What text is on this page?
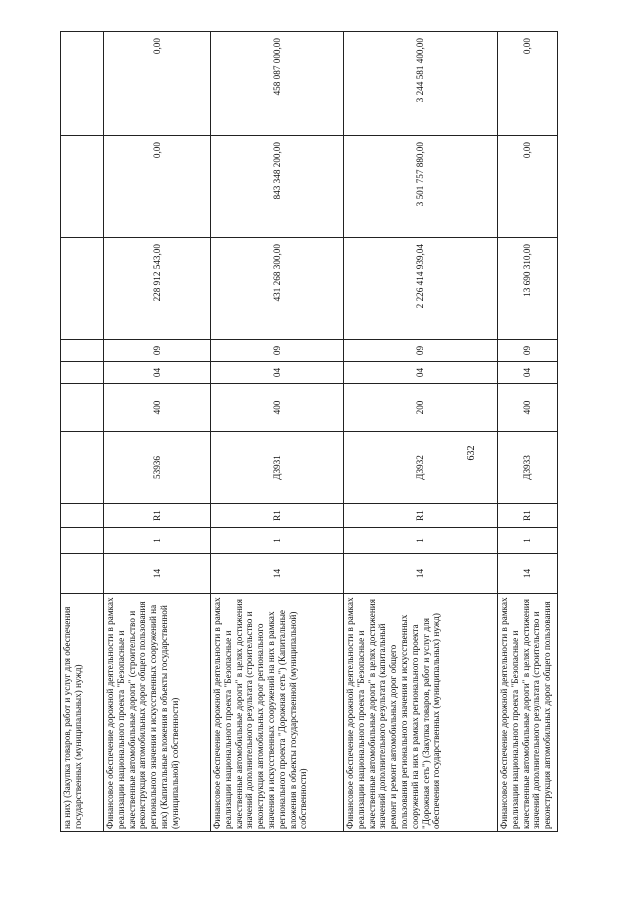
632
на них) (Закупка товаров, работ и услуг для обеспечения государственных (муниципальных) нужд)										
Финансовое обеспечение дорожной деятельности в рамках реализации национального проекта "Безопасные и качественные автомобильные дороги" (строительство и реконструкция автомобильных дорог общего пользования регионального значения и искусственных сооружений на них) (Капитальные вложения в объекты государственной (муниципальной) собственности)	14	1	R1	53936	400	04	09	228 912 543,00	0,00	0,00
Финансовое обеспечение дорожной деятельности в рамках реализации национального проекта "Безопасные и качественные автомобильные дороги" в целях достижения значений дополнительного результата (строительство и реконструкция автомобильных дорог регионального значения и искусственных сооружений на них в рамках регионального проекта "Дорожная сеть") (Капитальные вложения в объекты государственной (муниципальной) собственности)	14	1	R1	Д3931	400	04	09	431 268 300,00	843 348 200,00	458 087 000,00
Финансовое обеспечение дорожной деятельности в рамках реализации национального проекта "Безопасные и качественные автомобильные дороги" в целях достижения значений дополнительного результата (капитальный ремонт и ремонт автомобильных дорог общего пользования регионального значения и искусственных сооружений на них в рамках регионального проекта "Дорожная сеть") (Закупка товаров, работ и услуг для обеспечения государственных (муниципальных) нужд)	14	1	R1	Д3932	200	04	09	2 226 414 939,04	3 501 757 880,00	3 244 581 400,00
Финансовое обеспечение дорожной деятельности в рамках реализации национального проекта "Безопасные и качественные автомобильные дороги" в целях достижения значений дополнительного результата (строительство и реконструкция автомобильных дорог общего пользования	14	1	R1	Д3933	400	04	09	13 690 310,00	0,00	0,00
